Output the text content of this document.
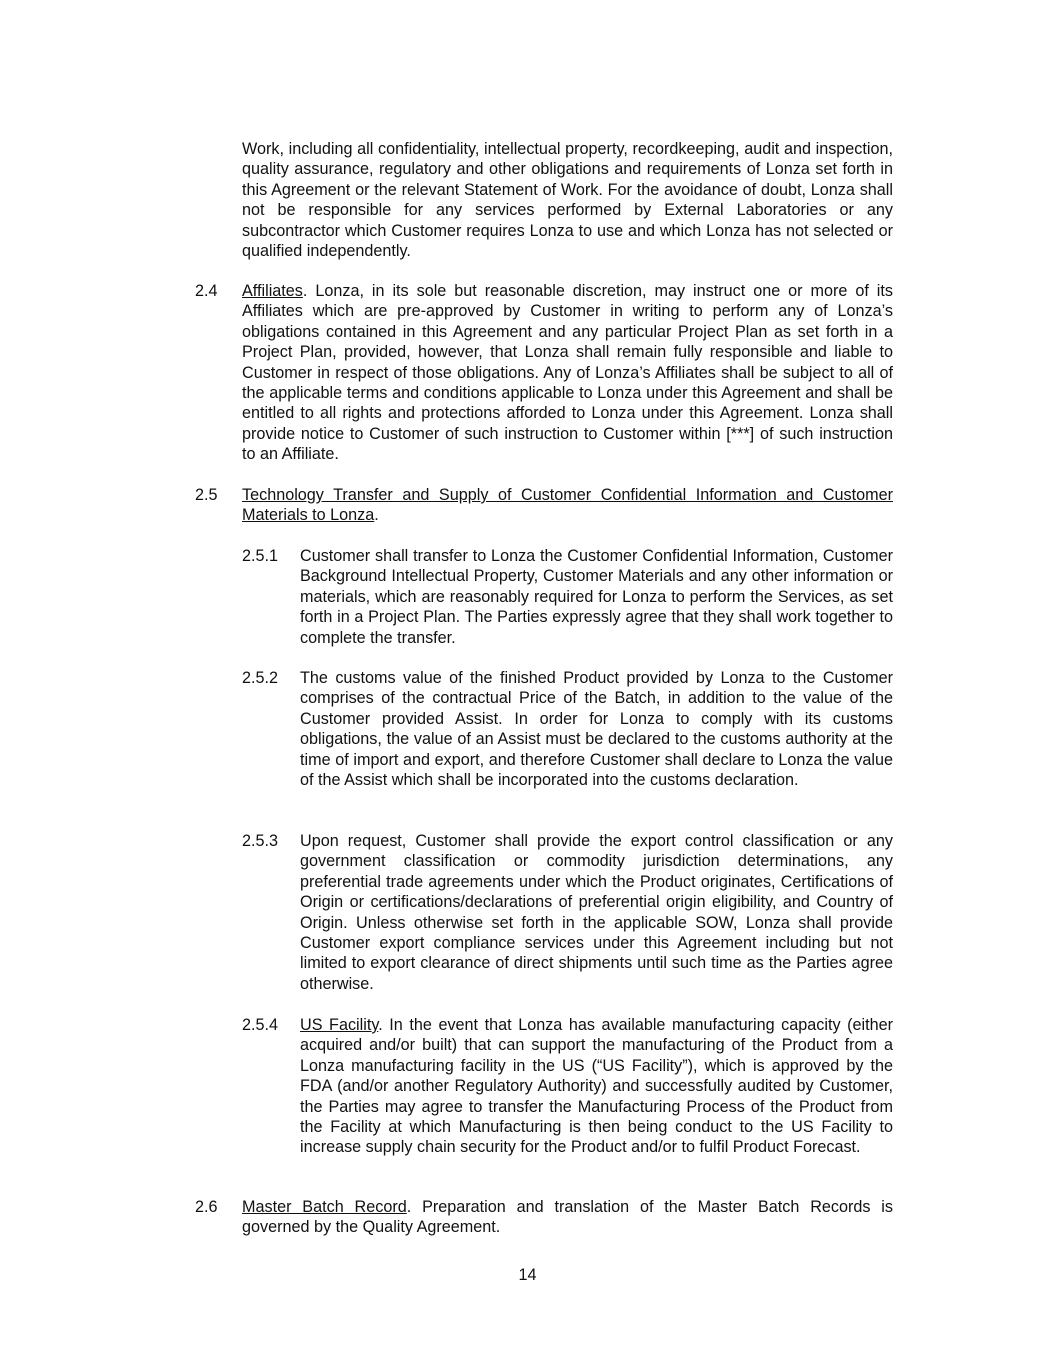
Work, including all confidentiality, intellectual property, recordkeeping, audit and inspection, quality assurance, regulatory and other obligations and requirements of Lonza set forth in this Agreement or the relevant Statement of Work. For the avoidance of doubt, Lonza shall not be responsible for any services performed by External Laboratories or any subcontractor which Customer requires Lonza to use and which Lonza has not selected or qualified independently.

2.4 Affiliates. Lonza, in its sole but reasonable discretion, may instruct one or more of its Affiliates which are pre-approved by Customer in writing to perform any of Lonza’s obligations contained in this Agreement and any particular Project Plan as set forth in a Project Plan, provided, however, that Lonza shall remain fully responsible and liable to Customer in respect of those obligations. Any of Lonza’s Affiliates shall be subject to all of the applicable terms and conditions applicable to Lonza under this Agreement and shall be entitled to all rights and protections afforded to Lonza under this Agreement. Lonza shall provide notice to Customer of such instruction to Customer within [***] of such instruction to an Affiliate.

2.5 Technology Transfer and Supply of Customer Confidential Information and Customer Materials to Lonza.

2.5.1 Customer shall transfer to Lonza the Customer Confidential Information, Customer Background Intellectual Property, Customer Materials and any other information or materials, which are reasonably required for Lonza to perform the Services, as set forth in a Project Plan. The Parties expressly agree that they shall work together to complete the transfer.

2.5.2 The customs value of the finished Product provided by Lonza to the Customer comprises of the contractual Price of the Batch, in addition to the value of the Customer provided Assist. In order for Lonza to comply with its customs obligations, the value of an Assist must be declared to the customs authority at the time of import and export, and therefore Customer shall declare to Lonza the value of the Assist which shall be incorporated into the customs declaration.

2.5.3 Upon request, Customer shall provide the export control classification or any government classification or commodity jurisdiction determinations, any preferential trade agreements under which the Product originates, Certifications of Origin or certifications/declarations of preferential origin eligibility, and Country of Origin. Unless otherwise set forth in the applicable SOW, Lonza shall provide Customer export compliance services under this Agreement including but not limited to export clearance of direct shipments until such time as the Parties agree otherwise.

2.5.4 US Facility. In the event that Lonza has available manufacturing capacity (either acquired and/or built) that can support the manufacturing of the Product from a Lonza manufacturing facility in the US (“US Facility”), which is approved by the FDA (and/or another Regulatory Authority) and successfully audited by Customer, the Parties may agree to transfer the Manufacturing Process of the Product from the Facility at which Manufacturing is then being conduct to the US Facility to increase supply chain security for the Product and/or to fulfil Product Forecast.

2.6 Master Batch Record. Preparation and translation of the Master Batch Records is governed by the Quality Agreement.

14
